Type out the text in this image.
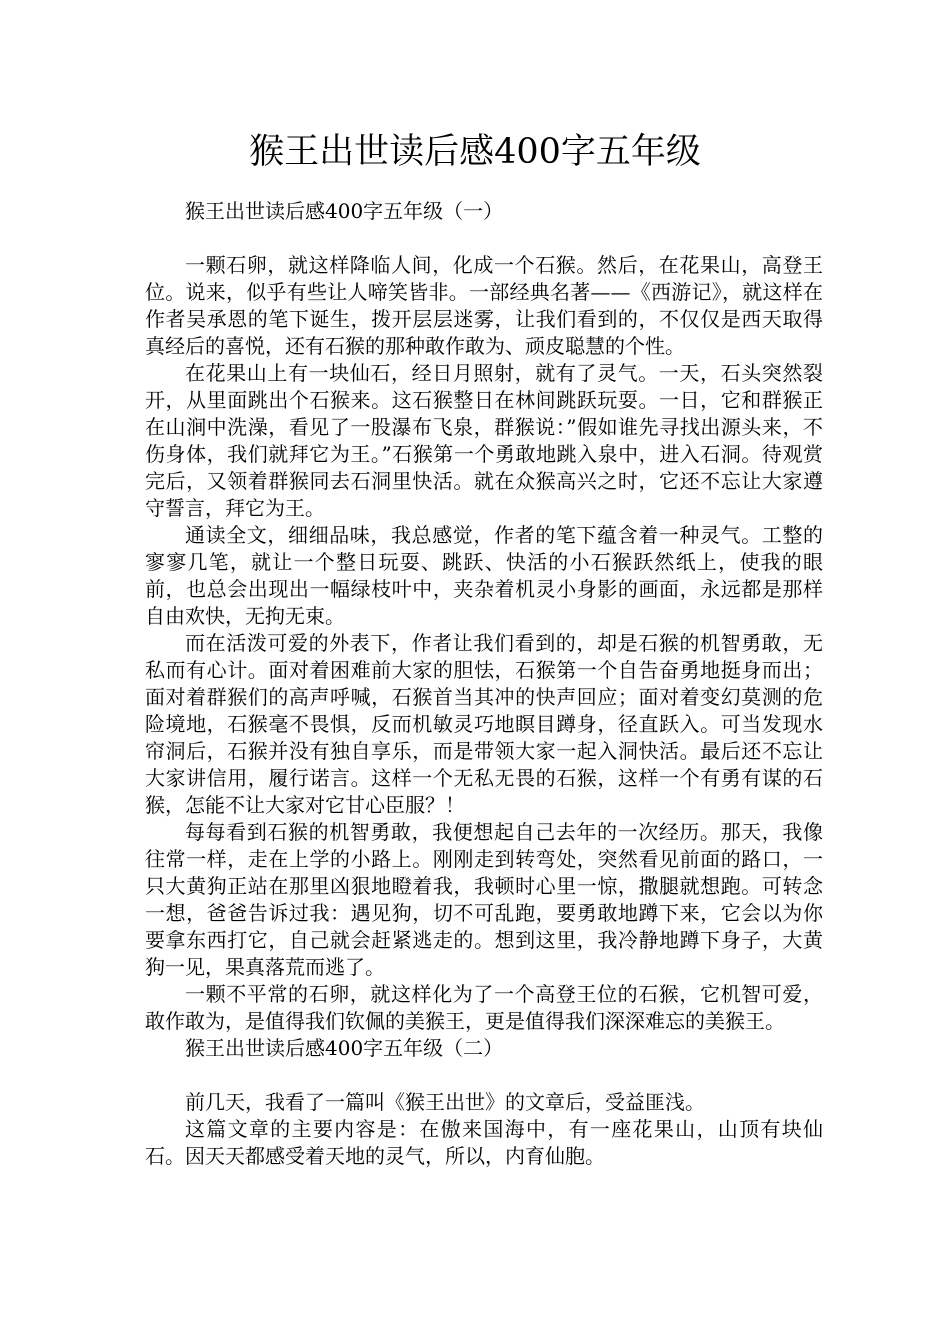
猴王出世读后感400字五年级

猴王出世读后感400字五年级（一）

一颗石卵，就这样降临人间，化成一个石猴。然后，在花果山，高登王位。说来，似乎有些让人啼笑皆非。一部经典名著——《西游记》，就这样在作者吴承恩的笔下诞生，拨开层层迷雾，让我们看到的，不仅仅是西天取得真经后的喜悦，还有石猴的那种敢作敢为、顽皮聪慧的个性。

在花果山上有一块仙石，经日月照射，就有了灵气。一天，石头突然裂开，从里面跳出个石猴来。这石猴整日在林间跳跃玩耍。一日，它和群猴正在山涧中洗澡，看见了一股瀑布飞泉，群猴说：”假如谁先寻找出源头来，不伤身体，我们就拜它为王。”石猴第一个勇敢地跳入泉中，进入石洞。待观赏完后，又领着群猴同去石洞里快活。就在众猴高兴之时，它还不忘让大家遵守誓言，拜它为王。

通读全文，细细品味，我总感觉，作者的笔下蕴含着一种灵气。工整的寥寥几笔，就让一个整日玩耍、跳跃、快活的小石猴跃然纸上，使我的眼前，也总会出现出一幅绿枝叶中，夹杂着机灵小身影的画面，永远都是那样自由欢快，无拘无束。

而在活泼可爱的外表下，作者让我们看到的，却是石猴的机智勇敢，无私而有心计。面对着困难前大家的胆怯，石猴第一个自告奋勇地挺身而出；面对着群猴们的高声呼喊，石猴首当其冲的快声回应；面对着变幻莫测的危险境地，石猴毫不畏惧，反而机敏灵巧地瞑目蹲身，径直跃入。可当发现水帘洞后，石猴并没有独自享乐，而是带领大家一起入洞快活。最后还不忘让大家讲信用，履行诺言。这样一个无私无畏的石猴，这样一个有勇有谋的石猴，怎能不让大家对它甘心臣服？！

每每看到石猴的机智勇敢，我便想起自己去年的一次经历。那天，我像往常一样，走在上学的小路上。刚刚走到转弯处，突然看见前面的路口，一只大黄狗正站在那里凶狠地瞪着我，我顿时心里一惊，撒腿就想跑。可转念一想，爸爸告诉过我：遇见狗，切不可乱跑，要勇敢地蹲下来，它会以为你要拿东西打它，自己就会赶紧逃走的。想到这里，我冷静地蹲下身子，大黄狗一见，果真落荒而逃了。

一颗不平常的石卵，就这样化为了一个高登王位的石猴，它机智可爱，敢作敢为，是值得我们钦佩的美猴王，更是值得我们深深难忘的美猴王。

猴王出世读后感400字五年级（二）

前几天，我看了一篇叫《猴王出世》的文章后，受益匪浅。

这篇文章的主要内容是：在傲来国海中，有一座花果山，山顶有块仙石。因天天都感受着天地的灵气，所以，内育仙胞。
